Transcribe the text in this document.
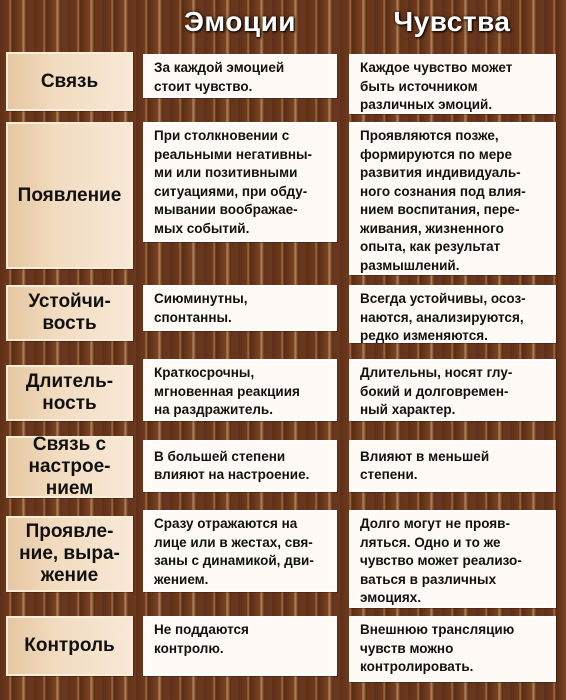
Эмоции	Чувства
Связь
За каждой эмоцией
стоит чувство.
Каждое чувство может
быть источником
различных эмоций.
Появление
При столкновении с
реальными негативны-
ми или позитивными
ситуациями, при обду-
мывании воображае-
мых событий.
Проявляются позже,
формируются по мере
развития индивидуаль-
ного сознания под влия-
нием воспитания, пере-
живания, жизненного
опыта, как результат
размышлений.
Устойчи-
вость
Сиюминутны,
спонтанны.
Всегда устойчивы, осоз-
наются, анализируются,
редко изменяются.
Длитель-
ность
Краткосрочны,
мгновенная реакциия
на раздражитель.
Длительны, носят глу-
бокий и долговремен-
ный характер.
Связь с
настрое-
нием
В большей степени
влияют на настроение.
Влияют в меньшей
степени.
Проявле-
ние, выра-
жение
Сразу отражаются на
лице или в жестах, свя-
заны с динамикой, дви-
жением.
Долго могут не прояв-
ляться. Одно и то же
чувство может реализо-
ваться в различных
эмоциях.
Контроль
Не поддаются
контролю.
Внешнюю трансляцию
чувств можно
контролировать.
